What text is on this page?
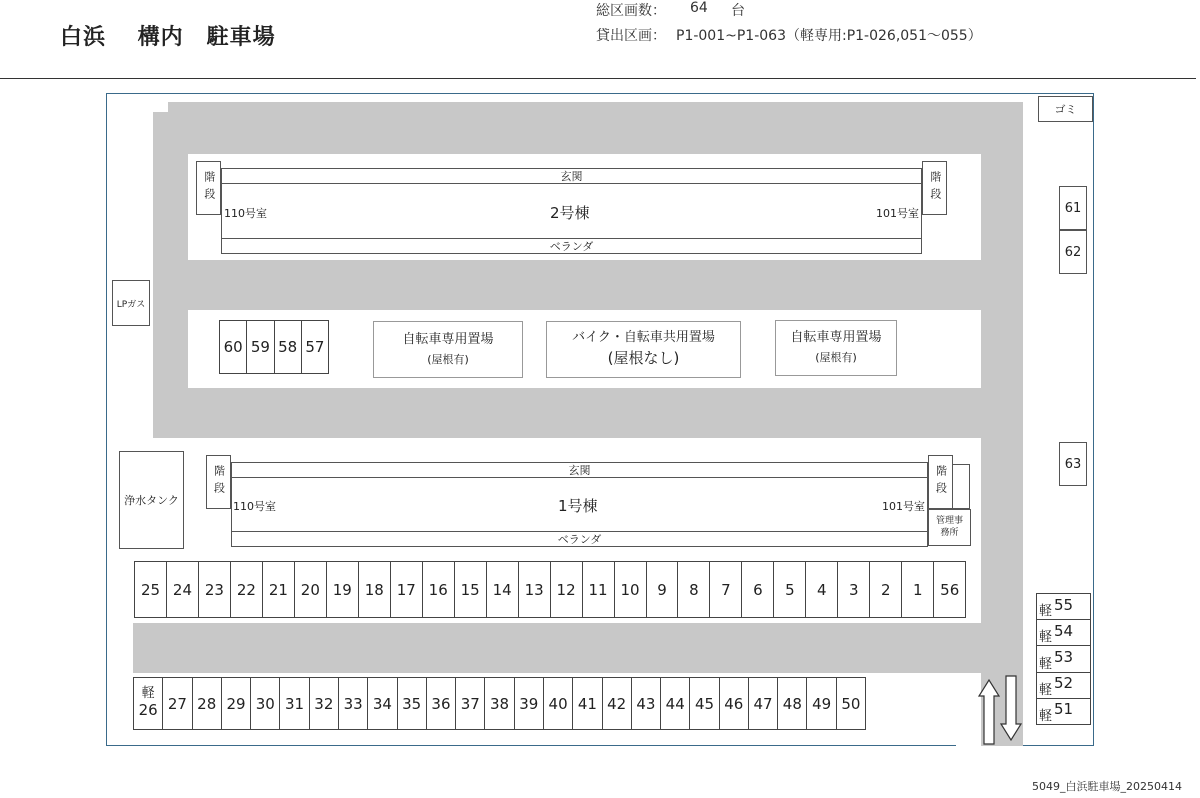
白浜　 構内　駐車場
総区画数： 64 台
貸出区画： P1-001~P1-063（軽専用:P1-026,051～055）
ゴミ
階段	階段
玄関
2号棟
110号室	101号室
ベランダ
61
62
63
LPガス
60 59 58 57	自転車専用置場
(屋根有)
バイク・自転車共用置場
(屋根なし)
自転車専用置場
(屋根有)
浄水タンク
階段	階段
玄関
1号棟
110号室	101号室
ベランダ
管理事務所
25 24 23 22 21 20 19 18 17 16 15 14 13 12 11 10	9	8	7	6	5	4	3	2	1	56
軽
26 27 28 29 30 31 32 33 34 35 36 37 38 39 40 41 42 43 44 45 46 47 48 49 50
軽 55
軽 54
軽 53
軽 52
軽 51
5049_白浜駐車場_20250414
